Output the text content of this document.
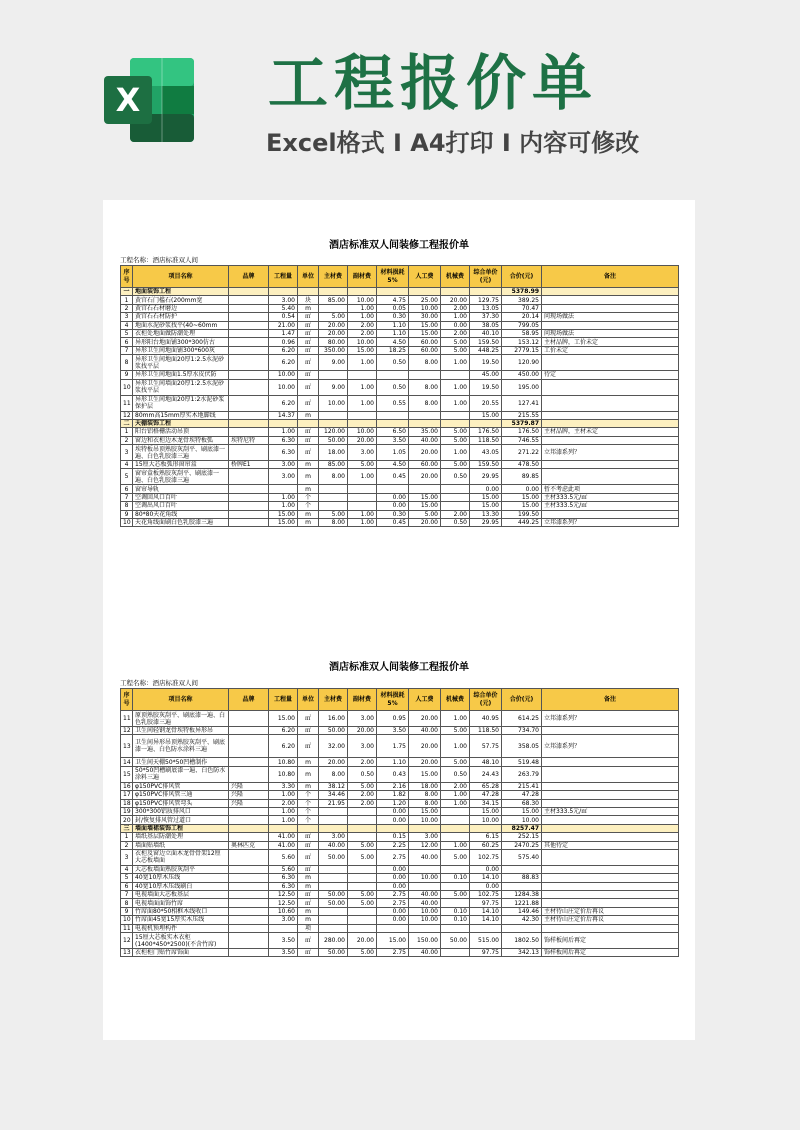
X 工程报价单
Excel格式 I A4打印 I 内容可修改
酒店标准双人间装修工程报价单
工程名称：酒店标准双人间
序号	项目名称	品牌	工程量	单位	主材费	副材费	材料损耗5%	人工费	机械费	综合单价(元)	合价(元)	备注
一	地面装饰工程										5378.99	
1	黄宫石门槛石(200mm宽		3.00	块	85.00	10.00	4.75	25.00	20.00	129.75	389.25	
2	黄宫石石材磨边		5.40	m		1.00	0.05	10.00	2.00	13.05	70.47	
3	黄宫石石材防护		0.54	㎡	5.00	1.00	0.30	30.00	1.00	37.30	20.14	问现场做法
4	地面水泥砂浆找平(40~60mm		21.00	㎡	20.00	2.00	1.10	15.00	0.00	38.05	799.05	
5	衣柜处地面做防潮处理		1.47	㎡	20.00	2.00	1.10	15.00	2.00	40.10	58.95	问现场做法
6	异形阳台地面铺300*300仿古		0.96	㎡	80.00	10.00	4.50	60.00	5.00	159.50	153.12	主材品牌，工价未定
7	异形卫生间地面铺300*600灰		6.20	㎡	350.00	15.00	18.25	60.00	5.00	448.25	2779.15	工价未定
8	异形卫生间地面20厚1:2.5水泥砂浆找平层		6.20	㎡	9.00	1.00	0.50	8.00	1.00	19.50	120.90	
9	异形卫生间地面1.5厚水皮伏防		10.00	㎡						45.00	450.00	待定
10	异形卫生间墙面20厚1:2.5水泥砂浆找平层		10.00	㎡	9.00	1.00	0.50	8.00	1.00	19.50	195.00	
11	异形卫生间地面20厚1:2水泥砂浆保护层		6.20	㎡	10.00	1.00	0.55	8.00	1.00	20.55	127.41	
12	80mm高15mm厚实木地脚线		14.37	m						15.00	215.55	
二	天棚装饰工程										5379.87	
1	阳台铝格栅活动吊顶		1.00	㎡	120.00	10.00	6.50	35.00	5.00	176.50	176.50	主材品牌，主材未定
2	窗边和衣柜边木龙骨埃特板弧	埃特尼特	6.30	㎡	50.00	20.00	3.50	40.00	5.00	118.50	746.55	
3	埃特板吊顶熟胶灰刮平、刷底漆一遍、白色乳胶漆三遍		6.30	㎡	18.00	3.00	1.05	20.00	1.00	43.05	271.22	立邦漆系列？
4	15厘大芯板弧形窗帘盒	桥牌E1	3.00	m	85.00	5.00	4.50	60.00	5.00	159.50	478.50	
5	窗帘盒板熟胶灰刮平、刷底漆一遍、白色乳胶漆三遍		3.00	m	8.00	1.00	0.45	20.00	0.50	29.95	89.85	
6	窗帘导轨			m						0.00	0.00	暂不考虑此项
7	空调回风口百叶		1.00	个			0.00	15.00		15.00	15.00	主材333.5元/㎡
8	空调出风口百叶		1.00	个			0.00	15.00		15.00	15.00	主材333.5元/㎡
9	80*80天花角线		15.00	m	5.00	1.00	0.30	5.00	2.00	13.30	199.50	
10	天花角线面刷白色乳胶漆三遍		15.00	m	8.00	1.00	0.45	20.00	0.50	29.95	449.25	立邦漆系列？
酒店标准双人间装修工程报价单
工程名称：酒店标准双人间
序号	项目名称	品牌	工程量	单位	主材费	副材费	材料损耗5%	人工费	机械费	综合单价(元)	合价(元)	备注
11	原顶熟胶灰刮平、刷底漆一遍、白色乳胶漆三遍		15.00	㎡	16.00	3.00	0.95	20.00	1.00	40.95	614.25	立邦漆系列？
12	卫生间轻钢龙骨埃特板异形吊		6.20	㎡	50.00	20.00	3.50	40.00	5.00	118.50	734.70	
13	卫生间异形吊顶熟胶灰刮平、刷底漆一遍、白色防水涂料三遍		6.20	㎡	32.00	3.00	1.75	20.00	1.00	57.75	358.05	立邦漆系列？
14	卫生间天棚50*50凹槽制作		10.80	m	20.00	2.00	1.10	20.00	5.00	48.10	519.48	
15	50*50凹槽刷底漆一遍、白色防水涂料三遍		10.80	m	8.00	0.50	0.43	15.00	0.50	24.43	263.79	
16	φ150PVC排风管	兴隆	3.30	m	38.12	5.00	2.16	18.00	2.00	65.28	215.41	
17	φ150PVC排风管三通	兴隆	1.00	个	34.46	2.00	1.82	8.00	1.00	47.28	47.28	
18	φ150PVC排风管弯头	兴隆	2.00	个	21.95	2.00	1.20	8.00	1.00	34.15	68.30	
19	300*300铝质排风口		1.00	个			0.00	15.00		15.00	15.00	主材333.5元/㎡
20	封/恢复排风管过道口		1.00	个			0.00	10.00		10.00	10.00	
三	墙面墙裙装饰工程										8257.47	
1	墙纸基层防潮处理		41.00	㎡	3.00		0.15	3.00		6.15	252.15	
2	墙面贴墙纸	奥林匹克	41.00	㎡	40.00	5.00	2.25	12.00	1.00	60.25	2470.25	其他待定
3	衣柜及窗边立面木龙骨骨架12厘大芯板墙面		5.60	㎡	50.00	5.00	2.75	40.00	5.00	102.75	575.40	
4	大芯板墙面熟胶灰刮平		5.60	㎡			0.00			0.00		
5	40宽10厚木压线		6.30	m			0.00	10.00	0.10	14.10	88.83	
6	40宽10厚木压线刷白		6.30	m			0.00			0.00		
7	电视墙面大芯板基层		12.50	㎡	50.00	5.00	2.75	40.00	5.00	102.75	1284.38	
8	电视墙面面饰竹席		12.50	㎡	50.00	5.00	2.75	40.00		97.75	1221.88	
9	竹席面80*50相框木线收口		10.60	m			0.00	10.00	0.10	14.10	149.46	主材待山庄定价后再议
10	竹席面45宽15厚实木压线		3.00	m			0.00	10.00	0.10	14.10	42.30	主材待山庄定价后再议
11	电视机预埋构件			项								
12	15厘大芯板实木衣柜(1400*450*2500)(不含竹席)		3.50	㎡	280.00	20.00	15.00	150.00	50.00	515.00	1802.50	饰样板间后再定
13	衣柜柜门贴竹席饰面		3.50	㎡	50.00	5.00	2.75	40.00		97.75	342.13	饰样板间后再定
